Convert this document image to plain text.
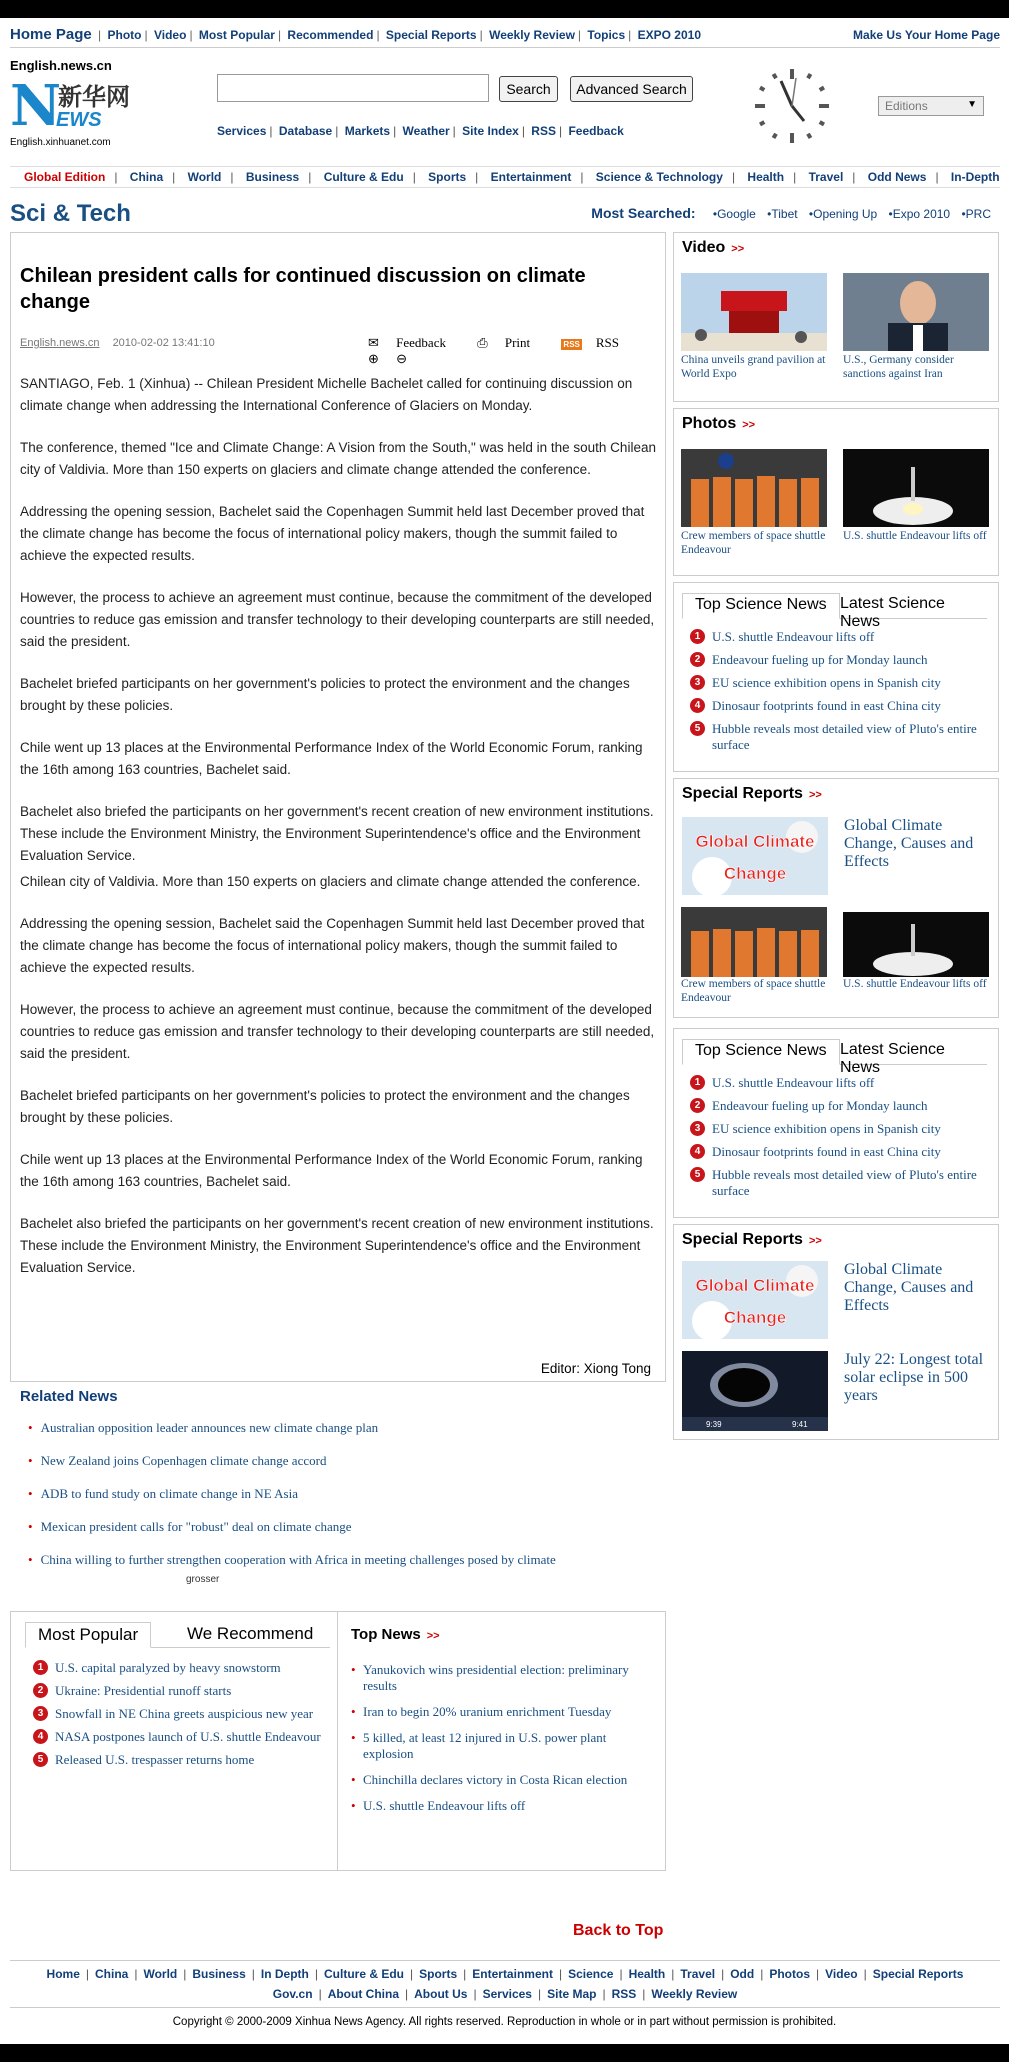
Home Page | Photo | Video | Most Popular | Recommended | Special Reports | Weekly Review | Topics | EXPO 2010	Make Us Your Home Page
English.news.cn
N
新华网
EWS
English.xinhuanet.com
Search	Advanced Search
Services | Database | Markets | Weather | Site Index | RSS | Feedback
Editions	▼
Global Edition | China | World | Business | Culture & Edu | Sports | Entertainment | Science & Technology | Health | Travel | Odd News | In-Depth
Sci & Tech	Most Searched: •Google •Tibet •Opening Up •Expo 2010 •PRC
Chilean president calls for continued discussion on climate change
English.news.cn 2010-02-02 13:41:10	✉ Feedback ⎙ Print	RSS RSS ⊕ ⊖

SANTIAGO, Feb. 1 (Xinhua) -- Chilean President Michelle Bachelet called for continuing discussion on climate change when addressing the International Conference of Glaciers on Monday.

The conference, themed "Ice and Climate Change: A Vision from the South," was held in the south Chilean city of Valdivia. More than 150 experts on glaciers and climate change attended the conference.

Addressing the opening session, Bachelet said the Copenhagen Summit held last December proved that the climate change has become the focus of international policy makers, though the summit failed to achieve the expected results.

However, the process to achieve an agreement must continue, because the commitment of the developed countries to reduce gas emission and transfer technology to their developing counterparts are still needed, said the president.

Bachelet briefed participants on her government's policies to protect the environment and the changes brought by these policies.

Chile went up 13 places at the Environmental Performance Index of the World Economic Forum, ranking the 16th among 163 countries, Bachelet said.

Bachelet also briefed the participants on her government's recent creation of new environment institutions. These include the Environment Ministry, the Environment Superintendence's office and the Environment Evaluation Service.

Chilean city of Valdivia. More than 150 experts on glaciers and climate change attended the conference.

Addressing the opening session, Bachelet said the Copenhagen Summit held last December proved that the climate change has become the focus of international policy makers, though the summit failed to achieve the expected results.

However, the process to achieve an agreement must continue, because the commitment of the developed countries to reduce gas emission and transfer technology to their developing counterparts are still needed, said the president.

Bachelet briefed participants on her government's policies to protect the environment and the changes brought by these policies.

Chile went up 13 places at the Environmental Performance Index of the World Economic Forum, ranking the 16th among 163 countries, Bachelet said.

Bachelet also briefed the participants on her government's recent creation of new environment institutions. These include the Environment Ministry, the Environment Superintendence's office and the Environment Evaluation Service.

Editor: Xiong Tong
Related News
• Australian opposition leader announces new climate change plan
• New Zealand joins Copenhagen climate change accord
• ADB to fund study on climate change in NE Asia
• Mexican president calls for "robust" deal on climate change
• China willing to further strengthen cooperation with Africa in meeting challenges posed by climate
grosser
Most Popular	We Recommend
1 U.S. capital paralyzed by heavy snowstorm
2 Ukraine: Presidential runoff starts
3 Snowfall in NE China greets auspicious new year
4 NASA postpones launch of U.S. shuttle Endeavour
5 Released U.S. trespasser returns home
Top News >>
• Yanukovich wins presidential election: preliminary results
• Iran to begin 20% uranium enrichment Tuesday
• 5 killed, at least 12 injured in U.S. power plant explosion
• Chinchilla declares victory in Costa Rican election
• U.S. shuttle Endeavour lifts off
Video >>
China unveils grand pavilion at World Expo
U.S., Germany consider sanctions against Iran
Photos >>
Crew members of space shuttle Endeavour
U.S. shuttle Endeavour lifts off
Top Science News Latest Science News
1 U.S. shuttle Endeavour lifts off
2 Endeavour fueling up for Monday launch
3 EU science exhibition opens in Spanish city
4 Dinosaur footprints found in east China city
5 Hubble reveals most detailed view of Pluto's entire surface
Special Reports >>
Global Climate
Change
Global Climate Change, Causes and Effects
Crew members of space shuttle Endeavour
U.S. shuttle Endeavour lifts off
Top Science News Latest Science News
1 U.S. shuttle Endeavour lifts off
2 Endeavour fueling up for Monday launch
3 EU science exhibition opens in Spanish city
4 Dinosaur footprints found in east China city
5 Hubble reveals most detailed view of Pluto's entire surface
Special Reports >>
Global Climate
Change
Global Climate Change, Causes and Effects
9:39	9:41
July 22: Longest total solar eclipse in 500 years
Back to Top
Home | China | World | Business | In Depth | Culture & Edu | Sports | Entertainment | Science | Health | Travel | Odd | Photos | Video | Special Reports
Gov.cn | About China | About Us | Services | Site Map | RSS | Weekly Review
Copyright © 2000-2009 Xinhua News Agency. All rights reserved. Reproduction in whole or in part without permission is prohibited.
